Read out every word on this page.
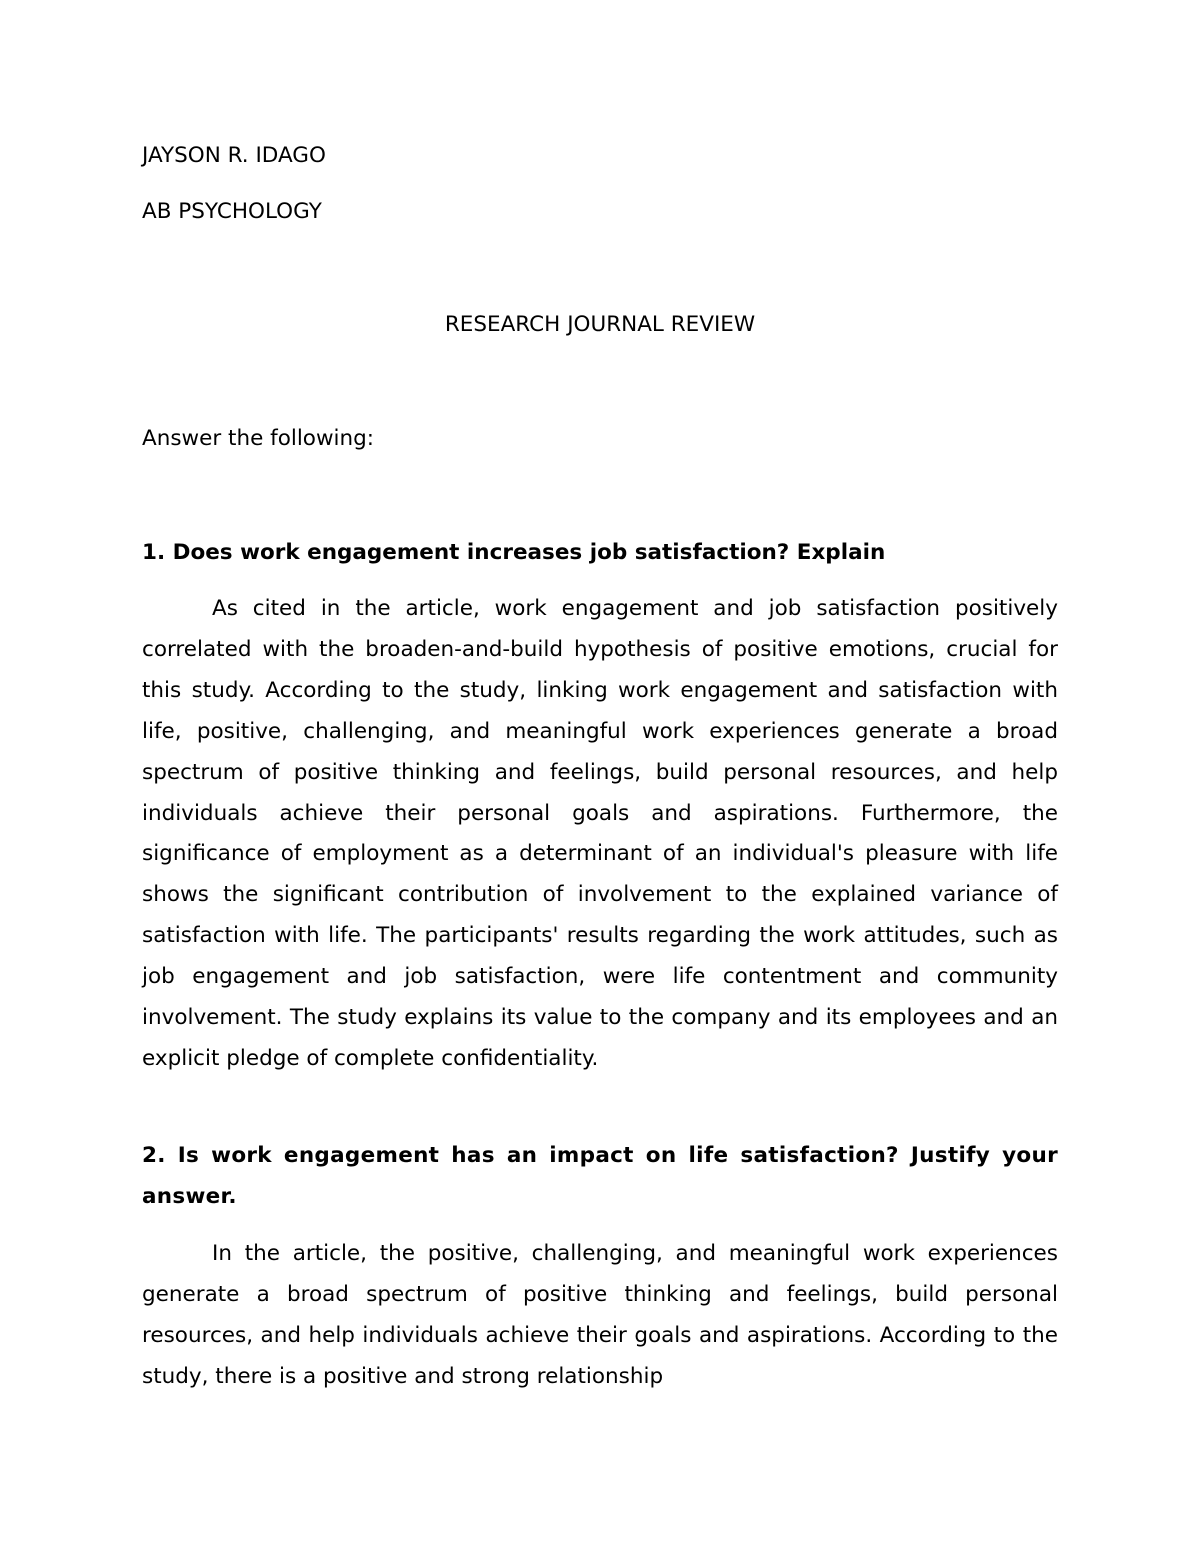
JAYSON R. IDAGO

AB PSYCHOLOGY

RESEARCH JOURNAL REVIEW

Answer the following:

1. Does work engagement increases job satisfaction? Explain

As cited in the article, work engagement and job satisfaction positively correlated with the broaden-and-build hypothesis of positive emotions, crucial for this study. According to the study, linking work engagement and satisfaction with life, positive, challenging, and meaningful work experiences generate a broad spectrum of positive thinking and feelings, build personal resources, and help individuals achieve their personal goals and aspirations. Furthermore, the significance of employment as a determinant of an individual's pleasure with life shows the significant contribution of involvement to the explained variance of satisfaction with life. The participants' results regarding the work attitudes, such as job engagement and job satisfaction, were life contentment and community involvement. The study explains its value to the company and its employees and an explicit pledge of complete confidentiality.

2. Is work engagement has an impact on life satisfaction? Justify your answer.

In the article, the positive, challenging, and meaningful work experiences generate a broad spectrum of positive thinking and feelings, build personal resources, and help individuals achieve their goals and aspirations. According to the study, there is a positive and strong relationship
